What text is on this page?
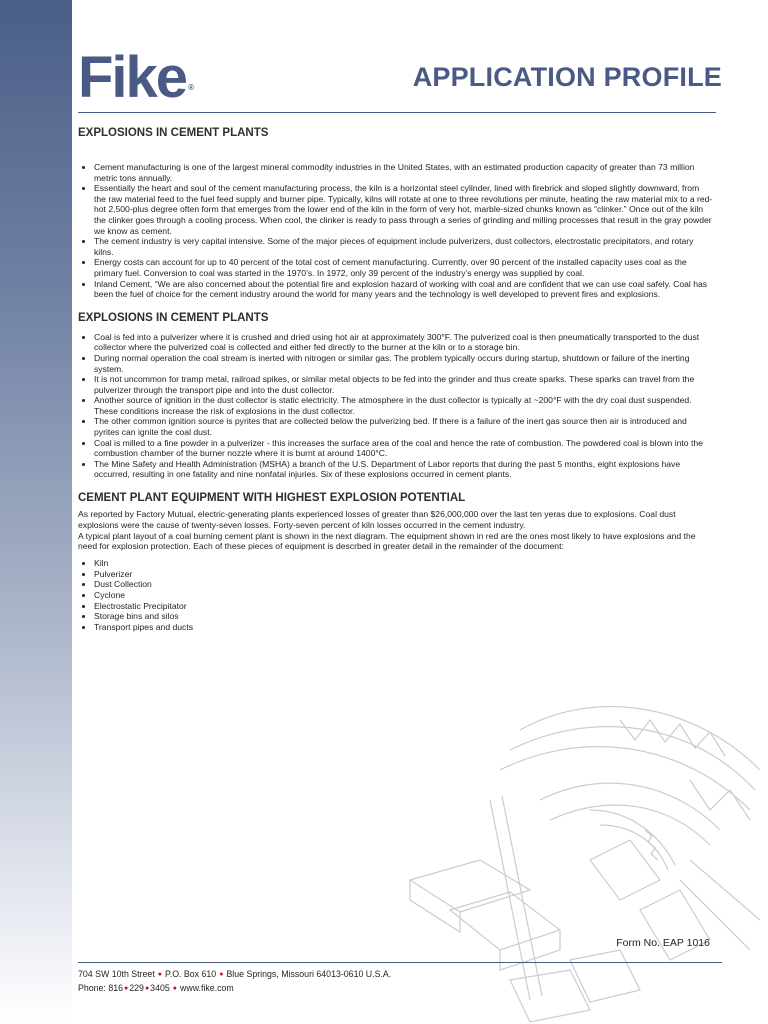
Fike ®	APPLICATION PROFILE
EXPLOSIONS IN CEMENT PLANTS
• Cement manufacturing is one of the largest mineral commodity industries in the United States, with an estimated production capacity of greater than 73 million metric tons annually.
• Essentially the heart and soul of the cement manufacturing process, the kiln is a horizontal steel cylinder, lined with firebrick and sloped slightly downward, from the raw material feed to the fuel feed supply and burner pipe. Typically, kilns will rotate at one to three revolutions per minute, heating the raw material mix to a red-hot 2,500-plus degree often form that emerges from the lower end of the kiln in the form of very hot, marble-sized chunks known as “clinker.” Once out of the kiln the clinker goes through a cooling process. When cool, the clinker is ready to pass through a series of grinding and milling processes that result in the gray powder we know as cement.
• The cement industry is very capital intensive. Some of the major pieces of equipment include pulverizers, dust collectors, electrostatic precipitators, and rotary kilns.
• Energy costs can account for up to 40 percent of the total cost of cement manufacturing. Currently, over 90 percent of the installed capacity uses coal as the primary fuel. Conversion to coal was started in the 1970’s. In 1972, only 39 percent of the industry’s energy was supplied by coal.
• Inland Cement, “We are also concerned about the potential fire and explosion hazard of working with coal and are confident that we can use coal safely. Coal has been the fuel of choice for the cement industry around the world for many years and the technology is well developed to prevent fires and explosions.
EXPLOSIONS IN CEMENT PLANTS
• Coal is fed into a pulverizer where it is crushed and dried using hot air at approximately 300°F. The pulverized coal is then pneumatically transported to the dust collector where the pulverized coal is collected and either fed directly to the burner at the kiln or to a storage bin.
• During normal operation the coal stream is inerted with nitrogen or similar gas. The problem typically occurs during startup, shutdown or failure of the inerting system.
• It is not uncommon for tramp metal, railroad spikes, or similar metal objects to be fed into the grinder and thus create sparks. These sparks can travel from the pulverizer through the transport pipe and into the dust collector.
• Another source of ignition in the dust collector is static electricity. The atmosphere in the dust collector is typically at ~200°F with the dry coal dust suspended. These conditions increase the risk of explosions in the dust collector.
• The other common ignition source is pyrites that are collected below the pulverizing bed. If there is a failure of the inert gas source then air is introduced and pyrites can ignite the coal dust.
• Coal is milled to a fine powder in a pulverizer - this increases the surface area of the coal and hence the rate of combustion. The powdered coal is blown into the combustion chamber of the burner nozzle where it is burnt at around 1400°C.
• The Mine Safety and Health Administration (MSHA) a branch of the U.S. Department of Labor reports that during the past 5 months, eight explosions have occurred, resulting in one fatality and nine nonfatal injuries. Six of these explosions occurred in cement plants.
CEMENT PLANT EQUIPMENT WITH HIGHEST EXPLOSION POTENTIAL

As reported by Factory Mutual, electric-generating plants experienced losses of greater than $26,000,000 over the last ten yeras due to explosions. Coal dust explosions were the cause of twenty-seven losses. Forty-seven percent of kiln losses occurred in the cement industry.

A typical plant layout of a coal burning cement plant is shown in the next diagram. The equipment shown in red are the ones most likely to have explosions and the need for explosion protection. Each of these pieces of equipment is descrbed in greater detail in the remainder of the document:

• Kiln
• Pulverizer
• Dust Collection
• Cyclone
• Electrostatic Precipitator
• Storage bins and silos
• Transport pipes and ducts
Form No. EAP 1016
704 SW 10th Street ● P.O. Box 610 ● Blue Springs, Missouri 64013-0610 U.S.A.
Phone: 816●229●3405 ● www.fike.com
